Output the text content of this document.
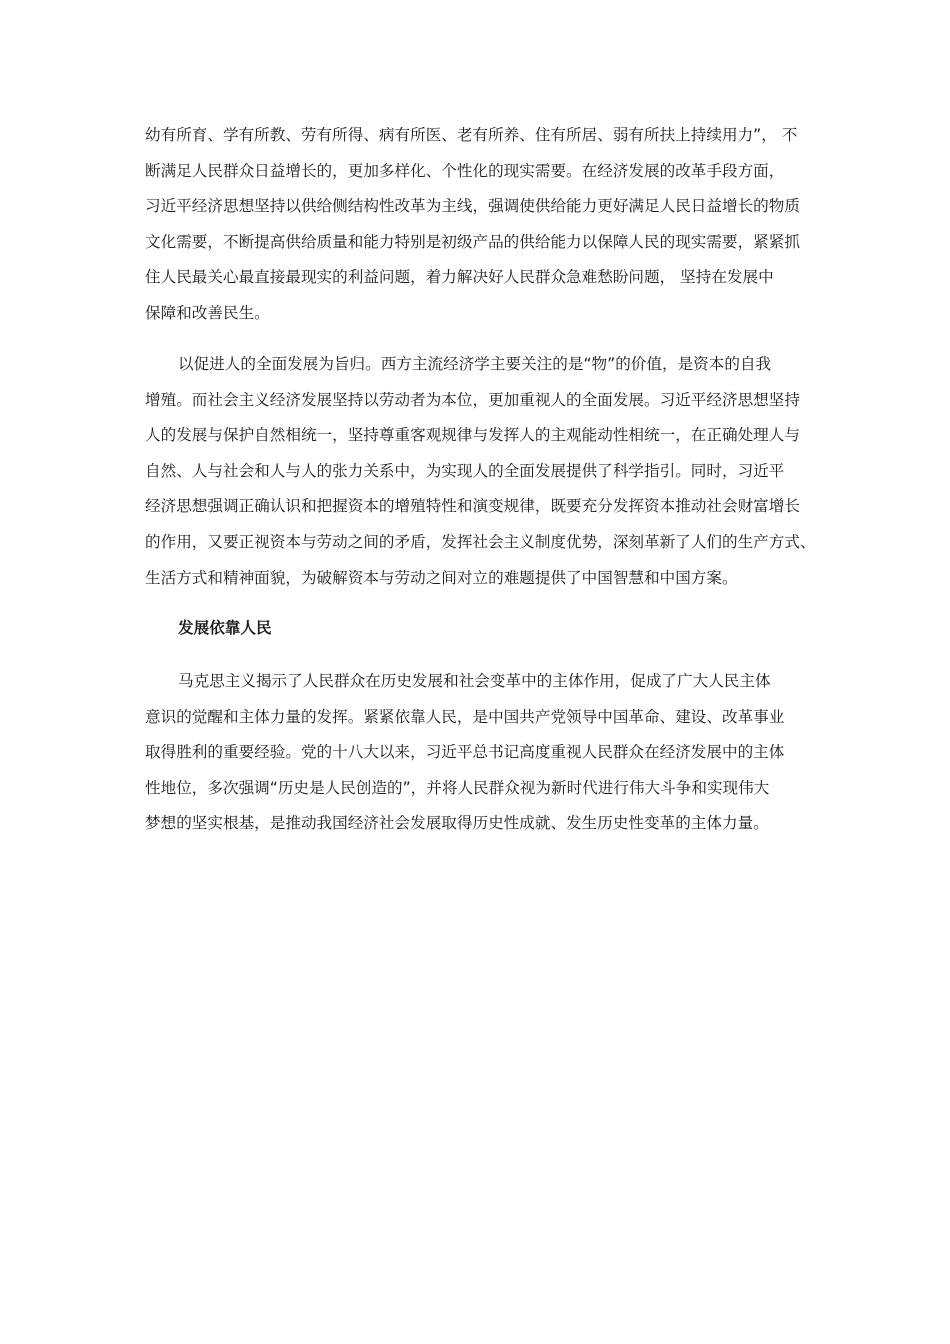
幼有所育、学有所教、劳有所得、病有所医、老有所养、住有所居、弱有所扶上持续用力”， 不
断满足人民群众日益增长的，更加多样化、个性化的现实需要。在经济发展的改革手段方面，
习近平经济思想坚持以供给侧结构性改革为主线，强调使供给能力更好满足人民日益增长的物质
文化需要，不断提高供给质量和能力特别是初级产品的供给能力以保障人民的现实需要，紧紧抓
住人民最关心最直接最现实的利益问题，着力解决好人民群众急难愁盼问题， 坚持在发展中
保障和改善民生。
以促进人的全面发展为旨归。西方主流经济学主要关注的是“物”的价值，是资本的自我
增殖。而社会主义经济发展坚持以劳动者为本位，更加重视人的全面发展。习近平经济思想坚持
人的发展与保护自然相统一，坚持尊重客观规律与发挥人的主观能动性相统一，在正确处理人与
自然、人与社会和人与人的张力关系中，为实现人的全面发展提供了科学指引。同时，习近平
经济思想强调正确认识和把握资本的增殖特性和演变规律，既要充分发挥资本推动社会财富增长
的作用，又要正视资本与劳动之间的矛盾，发挥社会主义制度优势，深刻革新了人们的生产方式、
生活方式和精神面貌，为破解资本与劳动之间对立的难题提供了中国智慧和中国方案。
发展依靠人民
马克思主义揭示了人民群众在历史发展和社会变革中的主体作用，促成了广大人民主体
意识的觉醒和主体力量的发挥。紧紧依靠人民，是中国共产党领导中国革命、建设、改革事业
取得胜利的重要经验。党的十八大以来，习近平总书记高度重视人民群众在经济发展中的主体
性地位，多次强调“历史是人民创造的”，并将人民群众视为新时代进行伟大斗争和实现伟大
梦想的坚实根基，是推动我国经济社会发展取得历史性成就、发生历史性变革的主体力量。
